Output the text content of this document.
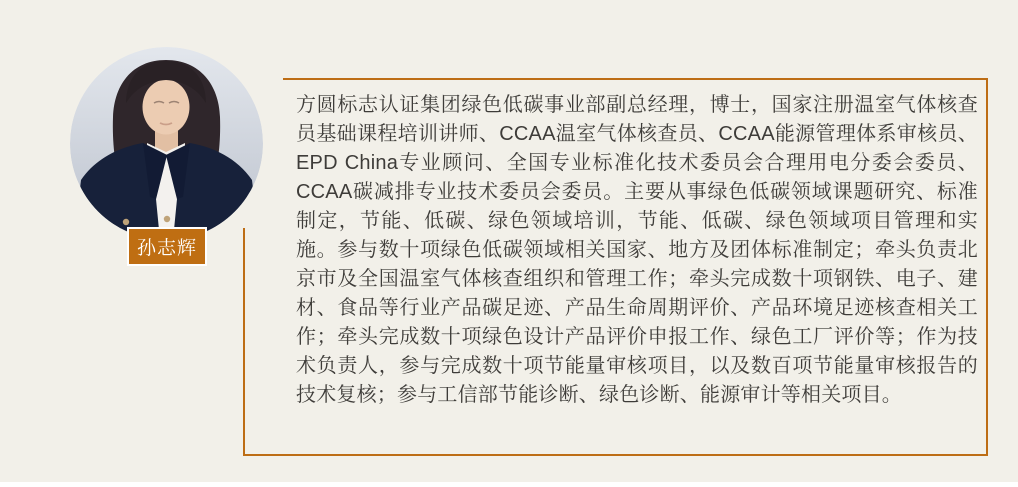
方圆标志认证集团绿色低碳事业部副总经理，博士，国家注册温室气体核查员基础课程培训讲师、CCAA温室气体核查员、CCAA能源管理体系审核员、EPD China专业顾问、全国专业标准化技术委员会合理用电分委会委员、CCAA碳减排专业技术委员会委员。主要从事绿色低碳领域课题研究、标准制定，节能、低碳、绿色领域培训，节能、低碳、绿色领域项目管理和实施。参与数十项绿色低碳领域相关国家、地方及团体标准制定；牵头负责北京市及全国温室气体核查组织和管理工作；牵头完成数十项钢铁、电子、建材、食品等行业产品碳足迹、产品生命周期评价、产品环境足迹核查相关工作；牵头完成数十项绿色设计产品评价申报工作、绿色工厂评价等；作为技术负责人，参与完成数十项节能量审核项目，以及数百项节能量审核报告的技术复核；参与工信部节能诊断、绿色诊断、能源审计等相关项目。

孙志辉
